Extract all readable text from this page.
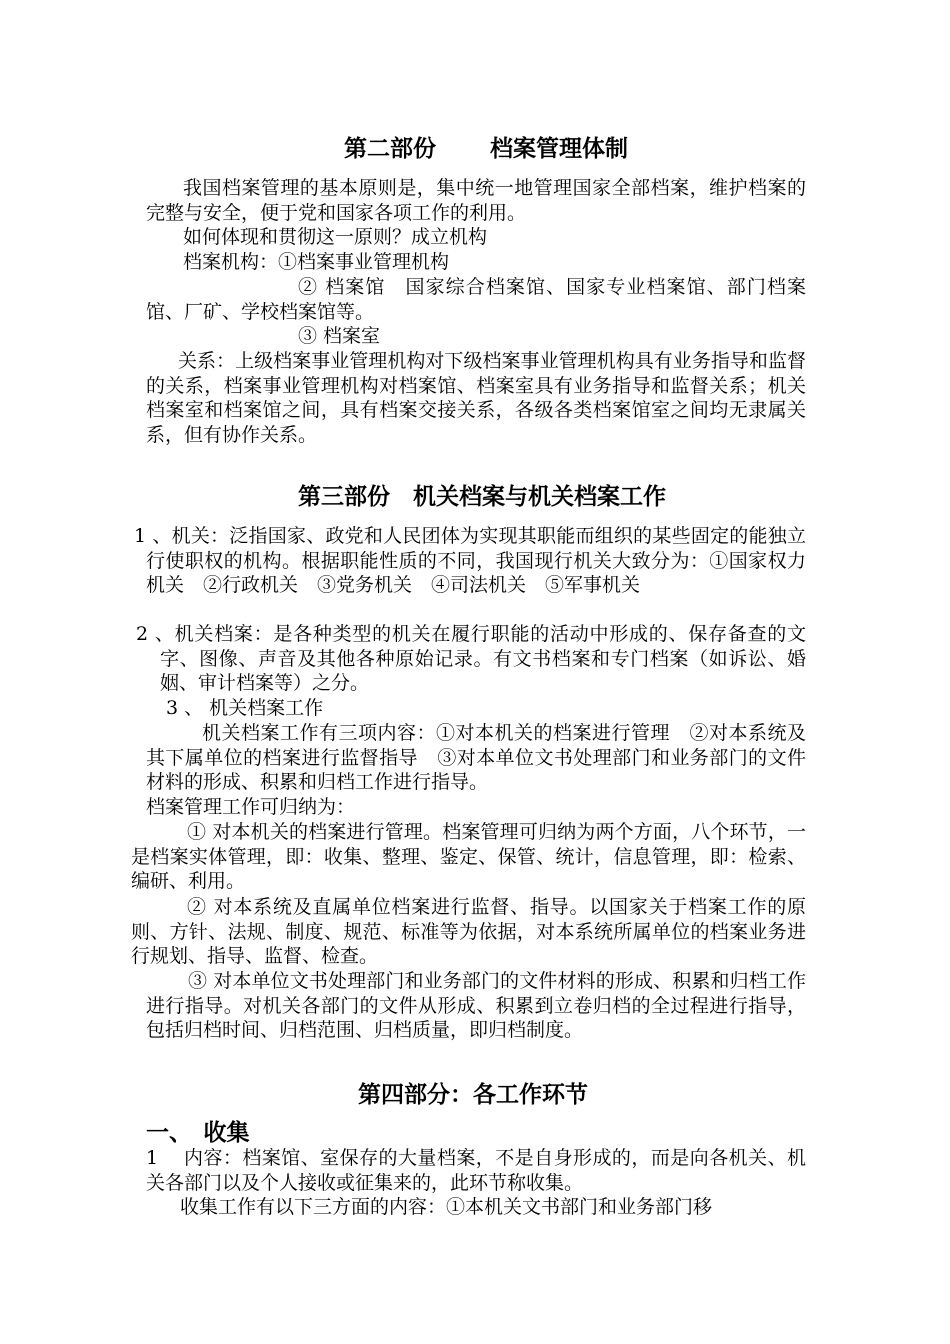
第二部份 　　档案管理体制
我国档案管理的基本原则是，集中统一地管理国家全部档案，维护档案的完整与安全，便于党和国家各项工作的利用。
如何体现和贯彻这一原则？成立机构
档案机构：①档案事业管理机构
② 档案馆　国家综合档案馆、国家专业档案馆、部门档案馆、厂矿、学校档案馆等。
③ 档案室
关系：上级档案事业管理机构对下级档案事业管理机构具有业务指导和监督的关系，档案事业管理机构对档案馆、档案室具有业务指导和监督关系；机关档案室和档案馆之间，具有档案交接关系，各级各类档案馆室之间均无隶属关系，但有协作关系。
第三部份　机关档案与机关档案工作
1 、机关：泛指国家、政党和人民团体为实现其职能而组织的某些固定的能独立行使职权的机构。根据职能性质的不同，我国现行机关大致分为：①国家权力机关　②行政机关　③党务机关　④司法机关　⑤军事机关
2 、机关档案：是各种类型的机关在履行职能的活动中形成的、保存备查的文字、图像、声音及其他各种原始记录。有文书档案和专门档案（如诉讼、婚姻、审计档案等）之分。
3 、 机关档案工作
机关档案工作有三项内容：①对本机关的档案进行管理　②对本系统及其下属单位的档案进行监督指导　③对本单位文书处理部门和业务部门的文件材料的形成、积累和归档工作进行指导。
档案管理工作可归纳为：
① 对本机关的档案进行管理。档案管理可归纳为两个方面，八个环节，一是档案实体管理，即：收集、整理、鉴定、保管、统计，信息管理，即：检索、编研、利用。
② 对本系统及直属单位档案进行监督、指导。以国家关于档案工作的原则、方针、法规、制度、规范、标准等为依据，对本系统所属单位的档案业务进行规划、指导、监督、检查。
③ 对本单位文书处理部门和业务部门的文件材料的形成、积累和归档工作进行指导。对机关各部门的文件从形成、积累到立卷归档的全过程进行指导，包括归档时间、归档范围、归档质量，即归档制度。
第四部分：各工作环节
一、　收集
1 　内容：档案馆、室保存的大量档案，不是自身形成的，而是向各机关、机关各部门以及个人接收或征集来的，此环节称收集。
收集工作有以下三方面的内容：①本机关文书部门和业务部门移
